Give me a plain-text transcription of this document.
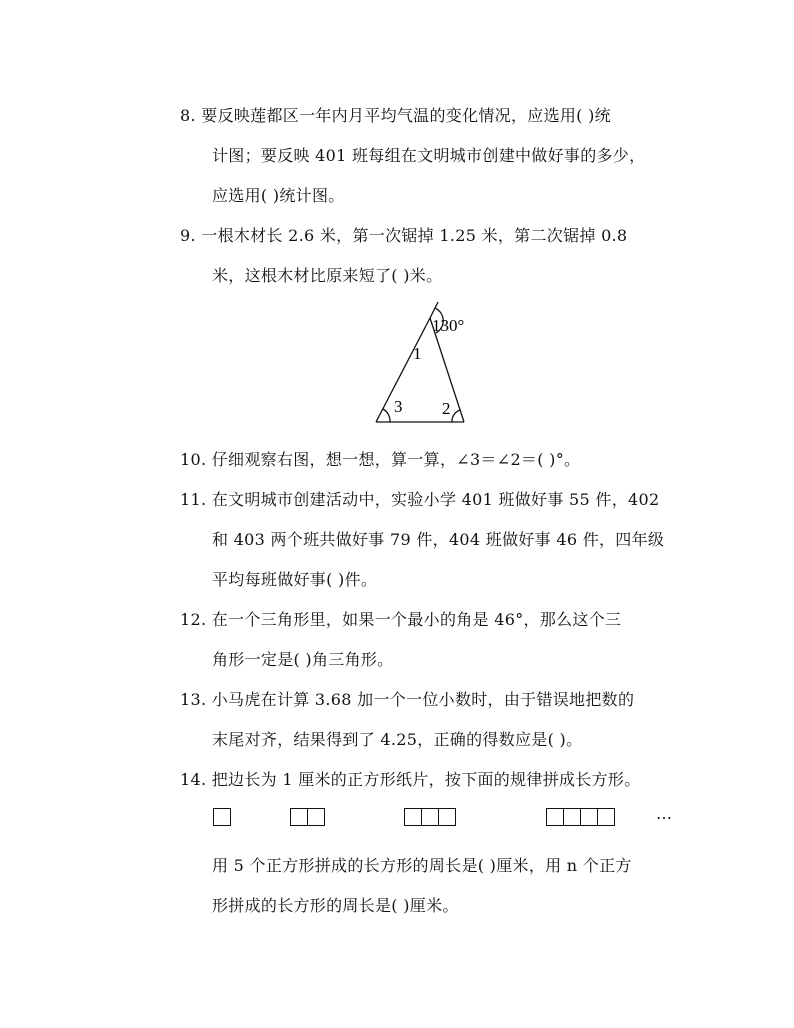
8. 要反映莲都区一年内月平均气温的变化情况，应选用( )统
计图；要反映 401 班每组在文明城市创建中做好事的多少，
应选用( )统计图。
9. 一根木材长 2.6 米，第一次锯掉 1.25 米，第二次锯掉 0.8
米，这根木材比原来短了( )米。
130°
1
2
3
10. 仔细观察右图，想一想，算一算，∠3＝∠2＝( )°。
11. 在文明城市创建活动中，实验小学 401 班做好事 55 件，402
和 403 两个班共做好事 79 件，404 班做好事 46 件，四年级
平均每班做好事( )件。
12. 在一个三角形里，如果一个最小的角是 46°，那么这个三
角形一定是( )角三角形。
13. 小马虎在计算 3.68 加一个一位小数时，由于错误地把数的
末尾对齐，结果得到了 4.25，正确的得数应是( )。
14. 把边长为 1 厘米的正方形纸片，按下面的规律拼成长方形。
…
用 5 个正方形拼成的长方形的周长是( )厘米，用 n 个正方
形拼成的长方形的周长是( )厘米。
